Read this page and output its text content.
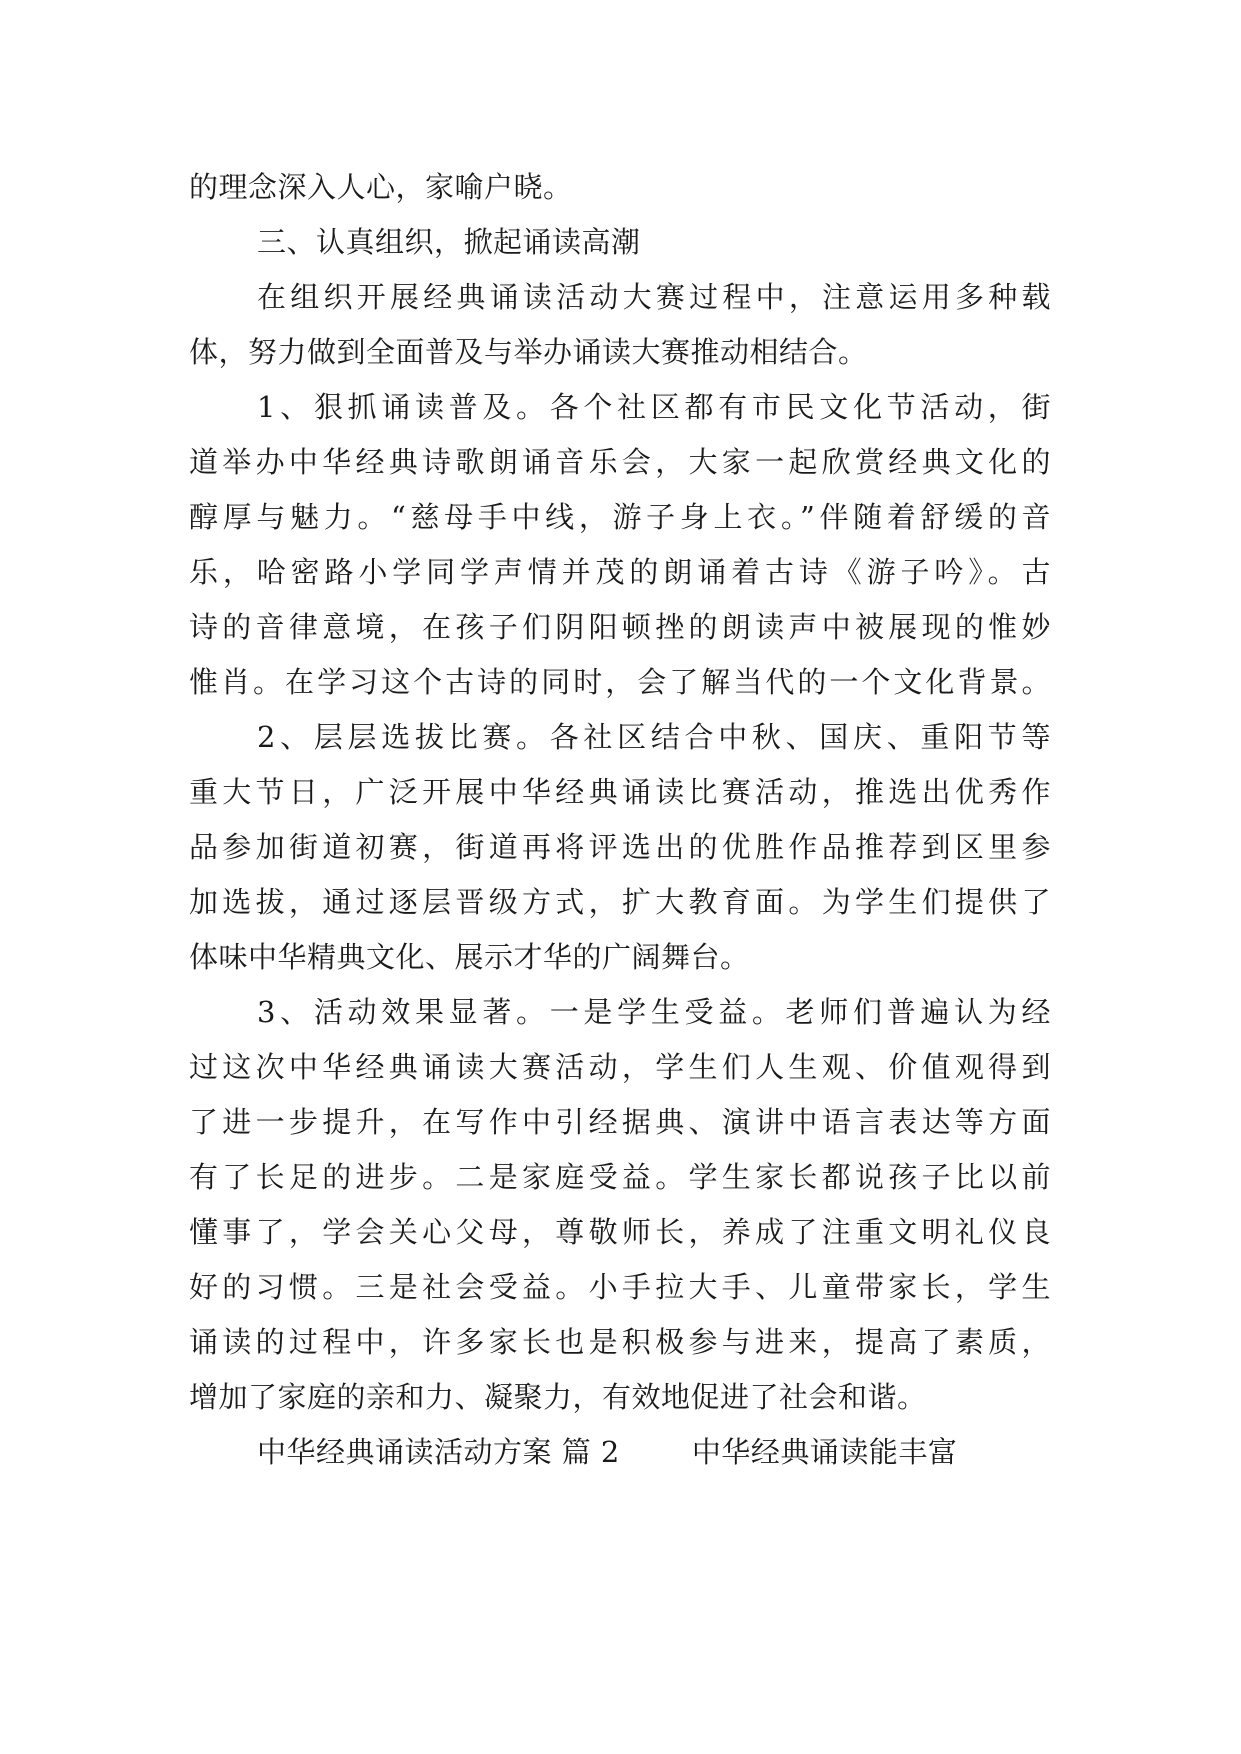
的理念深入人心，家喻户晓。
三、认真组织，掀起诵读高潮
在组织开展经典诵读活动大赛过程中，注意运用多种载
体，努力做到全面普及与举办诵读大赛推动相结合。
1、狠抓诵读普及。各个社区都有市民文化节活动，街
道举办中华经典诗歌朗诵音乐会，大家一起欣赏经典文化的
醇厚与魅力。“慈母手中线，游子身上衣。”伴随着舒缓的音
乐，哈密路小学同学声情并茂的朗诵着古诗《游子吟》。古
诗的音律意境，在孩子们阴阳顿挫的朗读声中被展现的惟妙
惟肖。在学习这个古诗的同时，会了解当代的一个文化背景。
2、层层选拔比赛。各社区结合中秋、国庆、重阳节等
重大节日，广泛开展中华经典诵读比赛活动，推选出优秀作
品参加街道初赛，街道再将评选出的优胜作品推荐到区里参
加选拔，通过逐层晋级方式，扩大教育面。为学生们提供了
体味中华精典文化、展示才华的广阔舞台。
3、活动效果显著。一是学生受益。老师们普遍认为经
过这次中华经典诵读大赛活动，学生们人生观、价值观得到
了进一步提升，在写作中引经据典、演讲中语言表达等方面
有了长足的进步。二是家庭受益。学生家长都说孩子比以前
懂事了，学会关心父母，尊敬师长，养成了注重文明礼仪良
好的习惯。三是社会受益。小手拉大手、儿童带家长，学生
诵读的过程中，许多家长也是积极参与进来，提高了素质，
增加了家庭的亲和力、凝聚力，有效地促进了社会和谐。
中华经典诵读活动方案 篇 2 中华经典诵读能丰富
